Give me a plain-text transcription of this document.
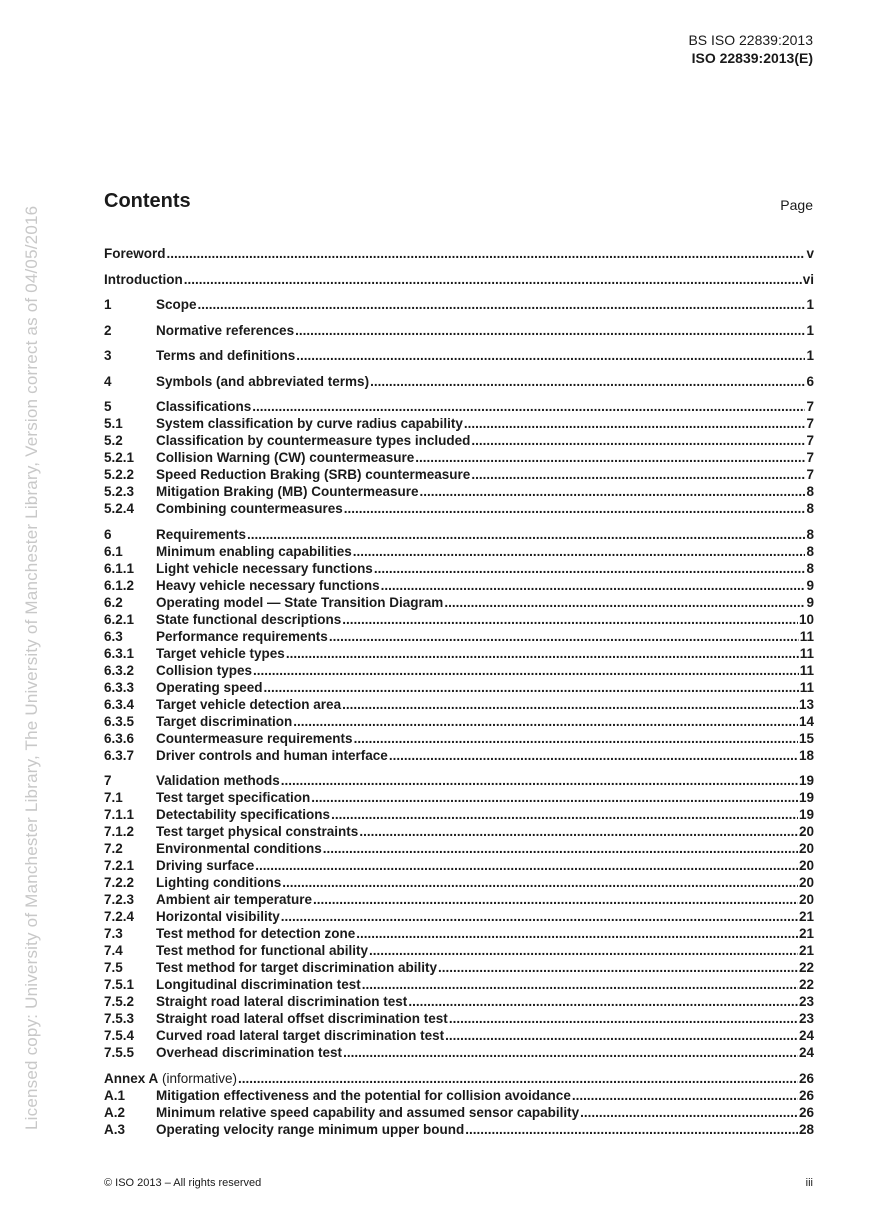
BS ISO 22839:2013
ISO 22839:2013(E)
Licensed copy: University of Manchester Library, The University of Manchester Library, Version correct as of 04/05/2016
Contents	Page
Foreword .....	v
Introduction .....	vi
1	Scope .....	1
2	Normative references .....	1
3	Terms and definitions .....	1
4	Symbols (and abbreviated terms) .....	6
5	Classifications .....	7
5.1	System classification by curve radius capability .....	7
5.2	Classification by countermeasure types included .....	7
5.2.1	Collision Warning (CW) countermeasure .....	7
5.2.2	Speed Reduction Braking (SRB) countermeasure .....	7
5.2.3	Mitigation Braking (MB) Countermeasure .....	8
5.2.4	Combining countermeasures .....	8
6	Requirements .....	8
6.1	Minimum enabling capabilities .....	8
6.1.1	Light vehicle necessary functions .....	8
6.1.2	Heavy vehicle necessary functions .....	9
6.2	Operating model — State Transition Diagram .....	9
6.2.1	State functional descriptions .....	10
6.3	Performance requirements .....	11
6.3.1	Target vehicle types .....	11
6.3.2	Collision types .....	11
6.3.3	Operating speed .....	11
6.3.4	Target vehicle detection area .....	13
6.3.5	Target discrimination .....	14
6.3.6	Countermeasure requirements .....	15
6.3.7	Driver controls and human interface .....	18
7	Validation methods .....	19
7.1	Test target specification .....	19
7.1.1	Detectability specifications .....	19
7.1.2	Test target physical constraints .....	20
7.2	Environmental conditions .....	20
7.2.1	Driving surface .....	20
7.2.2	Lighting conditions .....	20
7.2.3	Ambient air temperature .....	20
7.2.4	Horizontal visibility .....	21
7.3	Test method for detection zone .....	21
7.4	Test method for functional ability .....	21
7.5	Test method for target discrimination ability .....	22
7.5.1	Longitudinal discrimination test .....	22
7.5.2	Straight road lateral discrimination test .....	23
7.5.3	Straight road lateral offset discrimination test .....	23
7.5.4	Curved road lateral target discrimination test .....	24
7.5.5	Overhead discrimination test .....	24
Annex A (informative) .....	26
A.1	Mitigation effectiveness and the potential for collision avoidance .....	26
A.2	Minimum relative speed capability and assumed sensor capability .....	26
A.3	Operating velocity range minimum upper bound .....	28
© ISO 2013 – All rights reserved	iii
